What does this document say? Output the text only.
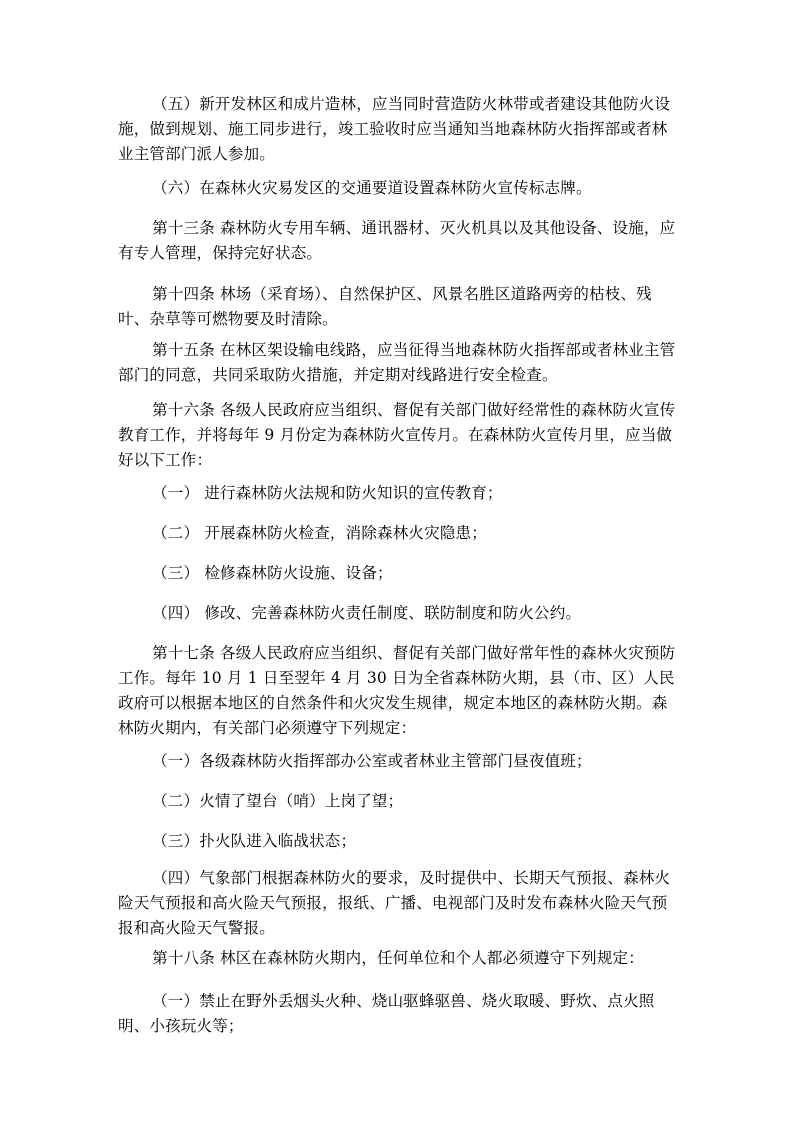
（五）新开发林区和成片造林，应当同时营造防火林带或者建设其他防火设施，做到规划、施工同步进行，竣工验收时应当通知当地森林防火指挥部或者林业主管部门派人参加。

（六）在森林火灾易发区的交通要道设置森林防火宣传标志牌。

第十三条 森林防火专用车辆、通讯器材、灭火机具以及其他设备、设施，应有专人管理，保持完好状态。

第十四条 林场（采育场）、自然保护区、风景名胜区道路两旁的枯枝、残叶、杂草等可燃物要及时清除。

第十五条 在林区架设输电线路，应当征得当地森林防火指挥部或者林业主管部门的同意，共同采取防火措施，并定期对线路进行安全检查。

第十六条 各级人民政府应当组织、督促有关部门做好经常性的森林防火宣传教育工作，并将每年 9 月份定为森林防火宣传月。在森林防火宣传月里，应当做好以下工作：

（一） 进行森林防火法规和防火知识的宣传教育；

（二） 开展森林防火检查，消除森林火灾隐患；

（三） 检修森林防火设施、设备；

（四） 修改、完善森林防火责任制度、联防制度和防火公约。

第十七条 各级人民政府应当组织、督促有关部门做好常年性的森林火灾预防工作。每年 10 月 1 日至翌年 4 月 30 日为全省森林防火期，县（市、区）人民政府可以根据本地区的自然条件和火灾发生规律，规定本地区的森林防火期。森林防火期内，有关部门必须遵守下列规定：

（一）各级森林防火指挥部办公室或者林业主管部门昼夜值班；

（二）火情了望台（哨）上岗了望；

（三）扑火队进入临战状态；

（四）气象部门根据森林防火的要求，及时提供中、长期天气预报、森林火险天气预报和高火险天气预报，报纸、广播、电视部门及时发布森林火险天气预报和高火险天气警报。

第十八条 林区在森林防火期内，任何单位和个人都必须遵守下列规定：

（一）禁止在野外丢烟头火种、烧山驱蜂驱兽、烧火取暖、野炊、点火照明、小孩玩火等；
